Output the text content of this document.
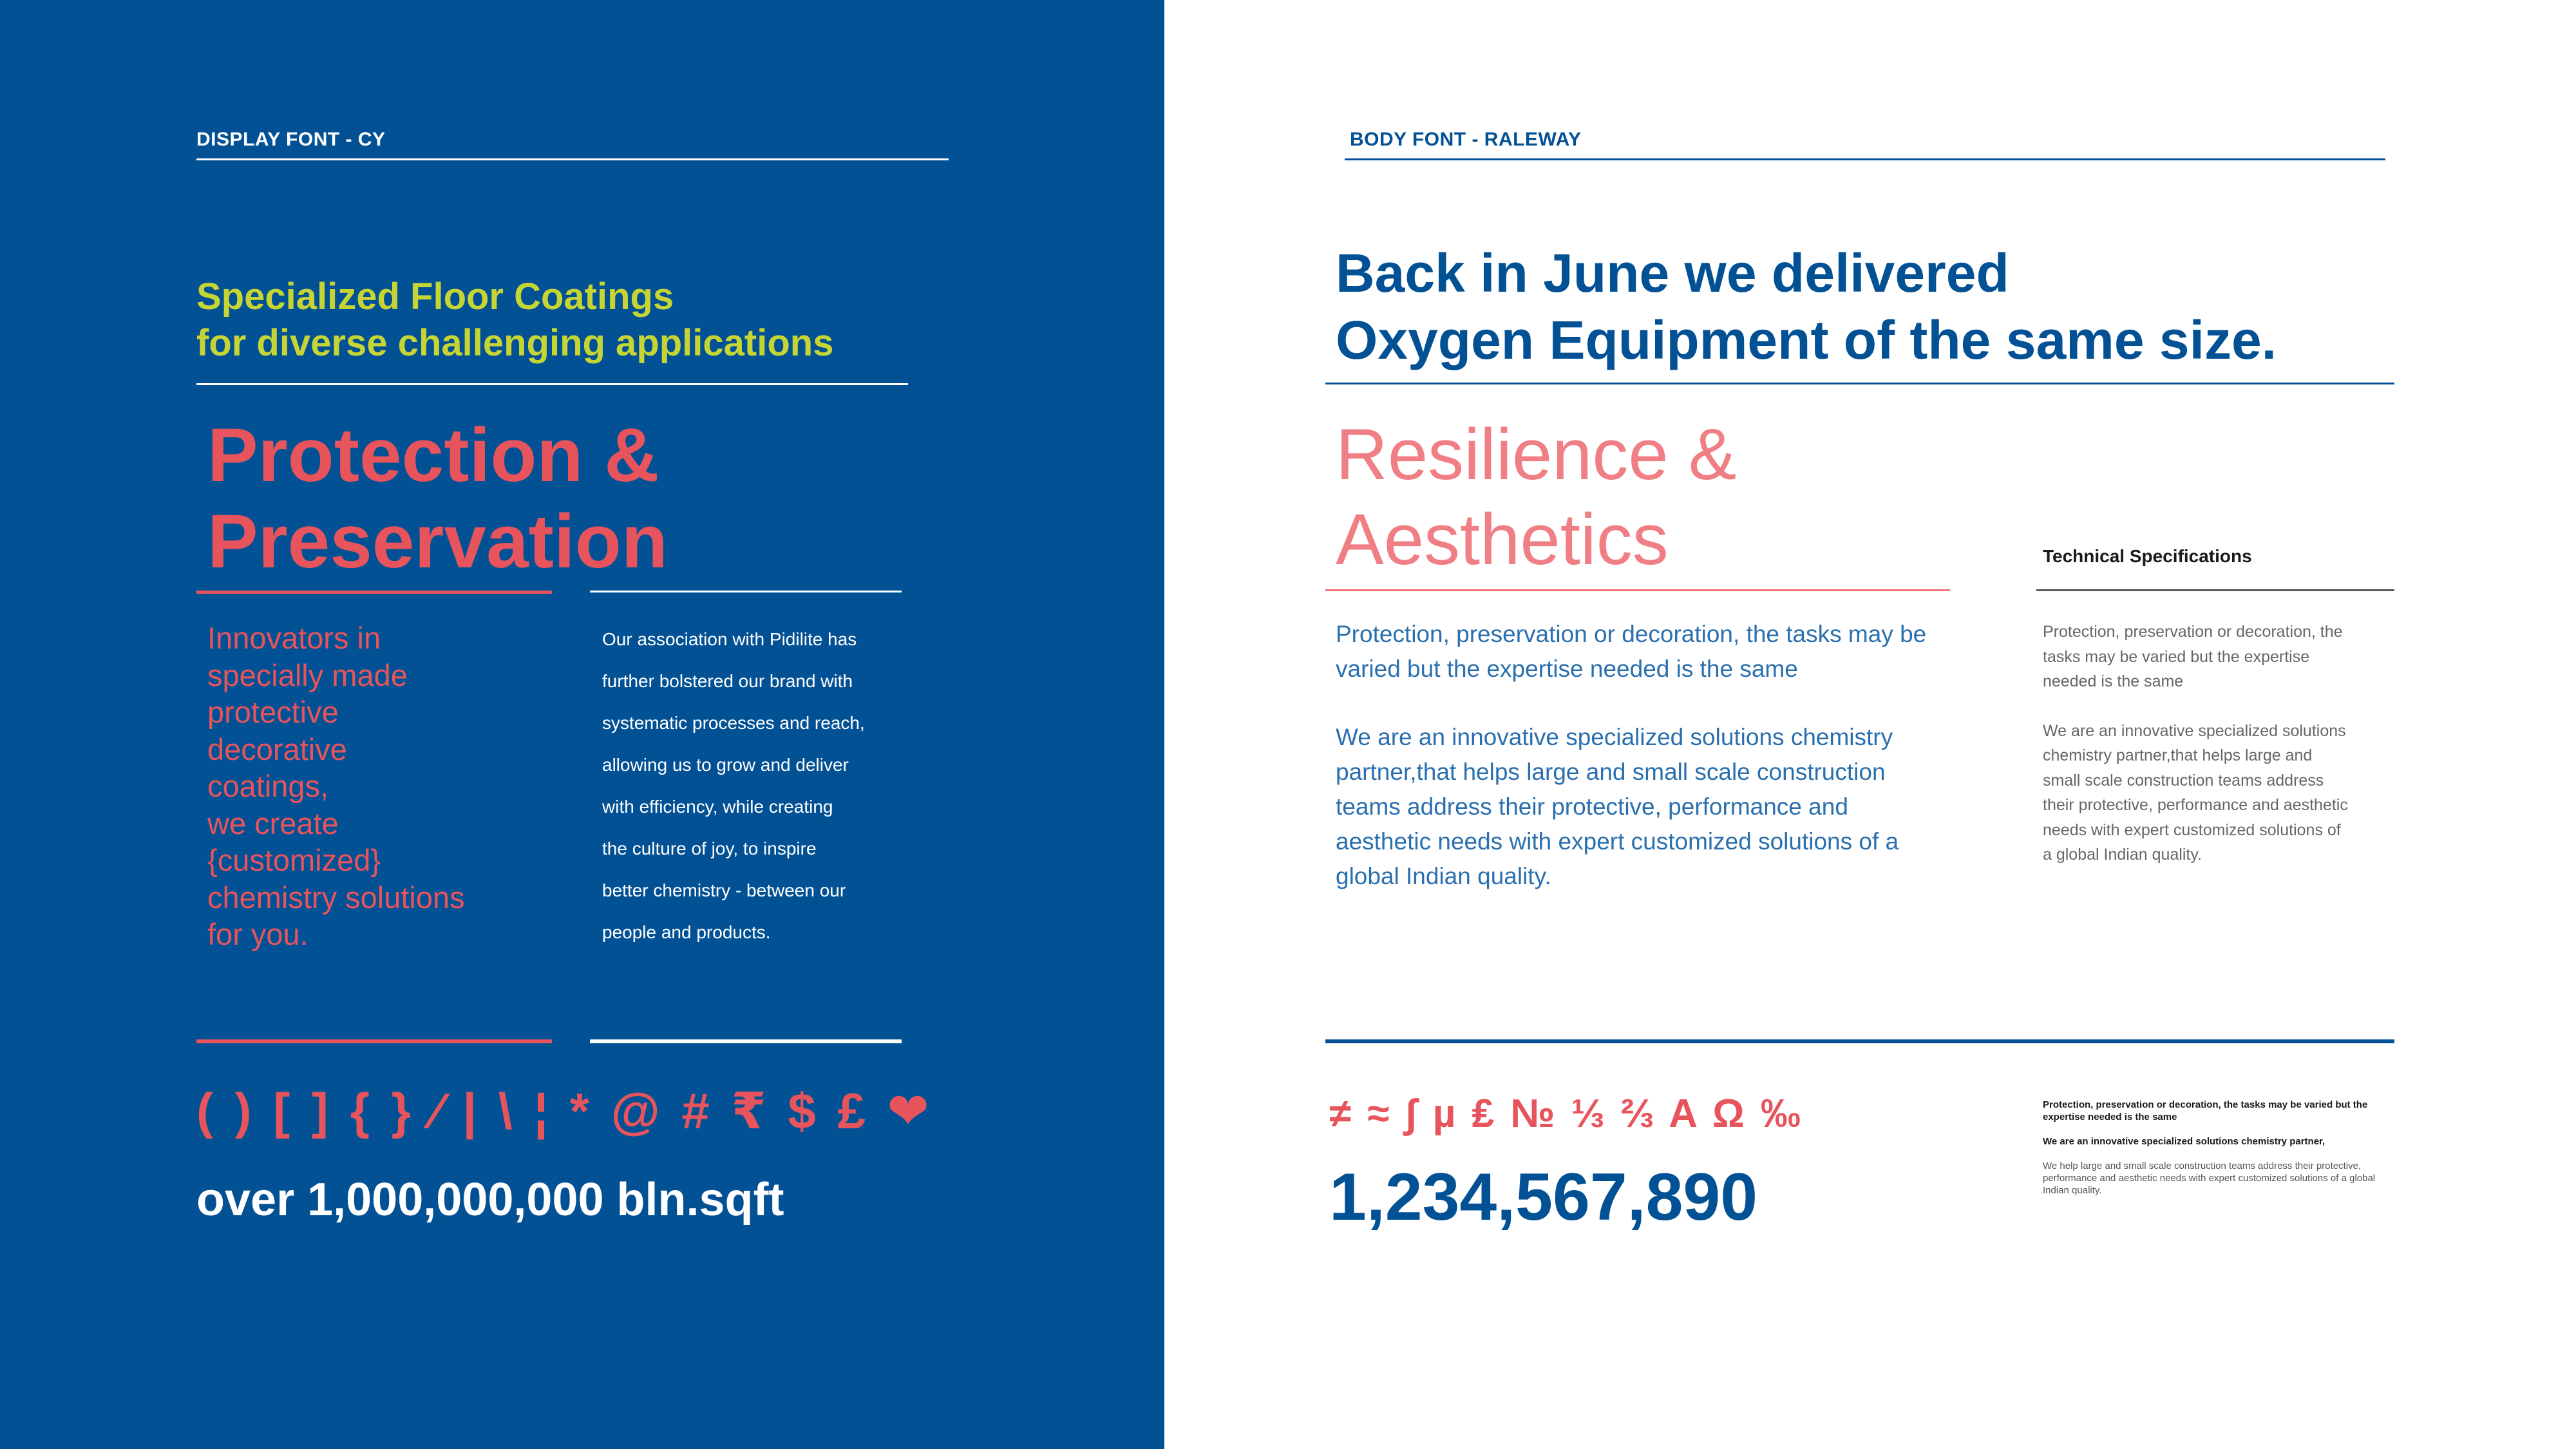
DISPLAY FONT - CY
Specialized Floor Coatings
for diverse challenging applications
Protection &
Preservation
Innovators in
specially made
protective
decorative
coatings,
we create
{customized}
chemistry solutions
for you.
Our association with Pidilite has
further bolstered our brand with
systematic processes and reach,
allowing us to grow and deliver
with efficiency, while creating
the culture of joy, to inspire
better chemistry - between our
people and products.
( ) [ ] { } ⁄ | \ ¦ * @ # ₹ $ £ ❤
over 1,000,000,000 bln.sqft
BODY FONT - RALEWAY
Back in June we delivered
Oxygen Equipment of the same size.
Resilience &
Aesthetics	Technical Specifications

Protection, preservation or decoration, the tasks may be varied but the expertise needed is the same

We are an innovative specialized solutions chemistry partner,that helps large and small scale construction teams address their protective, performance and aesthetic needs with expert customized solutions of a global Indian quality.

Protection, preservation or decoration, the tasks may be varied but the expertise needed is the same

We are an innovative specialized solutions chemistry partner,that helps large and small scale construction teams address their protective, performance and aesthetic needs with expert customized solutions of a global Indian quality.

≠ ≈ ∫ µ ₤ № ⅓ ⅔ A Ω ‰
1,234,567,890
Protection, preservation or decoration, the tasks may be varied but the expertise needed is the same
We are an innovative specialized solutions chemistry partner,
We help large and small scale construction teams address their protective, performance and aesthetic needs with expert customized solutions of a global Indian quality.
